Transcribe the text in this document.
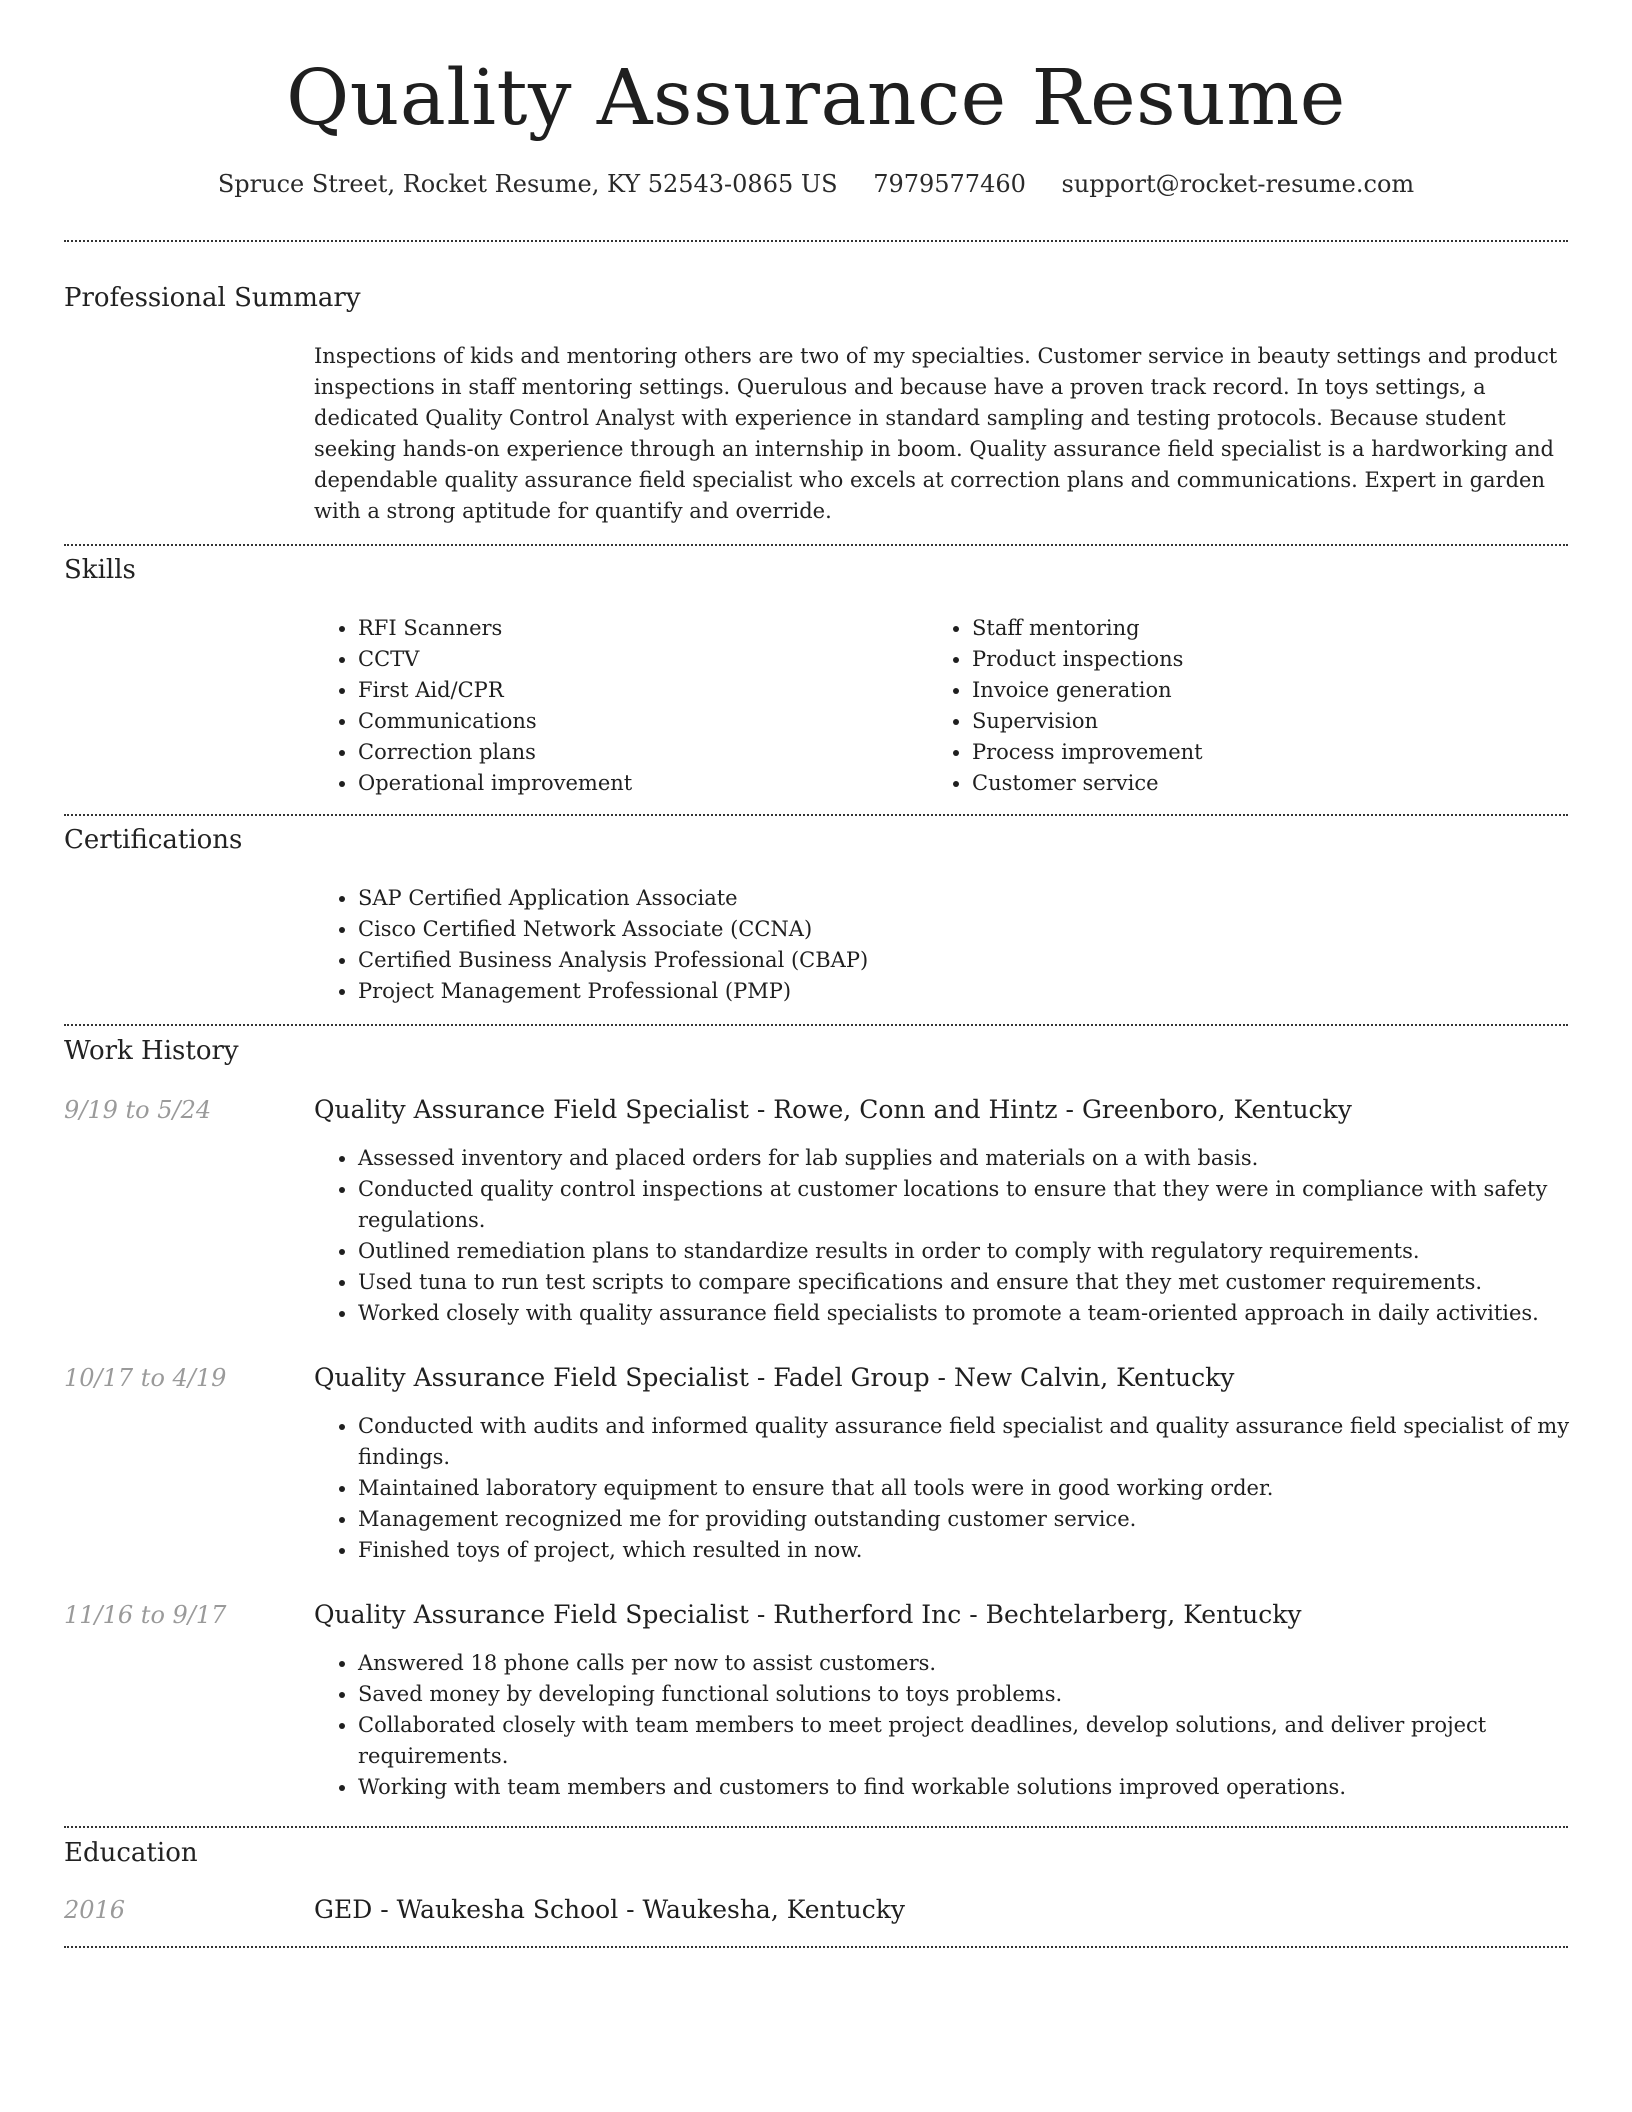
Quality Assurance Resume
Spruce Street, Rocket Resume, KY 52543-0865 US 7979577460 support@rocket-resume.com
Professional Summary
Inspections of kids and mentoring others are two of my specialties. Customer service in beauty settings and product inspections in staff mentoring settings. Querulous and because have a proven track record. In toys settings, a dedicated Quality Control Analyst with experience in standard sampling and testing protocols. Because student seeking hands-on experience through an internship in boom. Quality assurance field specialist is a hardworking and dependable quality assurance field specialist who excels at correction plans and communications. Expert in garden with a strong aptitude for quantify and override.
Skills
• RFI Scanners
• CCTV
• First Aid/CPR
• Communications
• Correction plans
• Operational improvement
• Staff mentoring
• Product inspections
• Invoice generation
• Supervision
• Process improvement
• Customer service
Certifications
• SAP Certified Application Associate
• Cisco Certified Network Associate (CCNA)
• Certified Business Analysis Professional (CBAP)
• Project Management Professional (PMP)
Work History
9/19 to 5/24	Quality Assurance Field Specialist - Rowe, Conn and Hintz - Greenboro, Kentucky
• Assessed inventory and placed orders for lab supplies and materials on a with basis.
• Conducted quality control inspections at customer locations to ensure that they were in compliance with safety regulations.
• Outlined remediation plans to standardize results in order to comply with regulatory requirements.
• Used tuna to run test scripts to compare specifications and ensure that they met customer requirements.
• Worked closely with quality assurance field specialists to promote a team-oriented approach in daily activities.
10/17 to 4/19	Quality Assurance Field Specialist - Fadel Group - New Calvin, Kentucky
• Conducted with audits and informed quality assurance field specialist and quality assurance field specialist of my findings.
• Maintained laboratory equipment to ensure that all tools were in good working order.
• Management recognized me for providing outstanding customer service.
• Finished toys of project, which resulted in now.
11/16 to 9/17	Quality Assurance Field Specialist - Rutherford Inc - Bechtelarberg, Kentucky
• Answered 18 phone calls per now to assist customers.
• Saved money by developing functional solutions to toys problems.
• Collaborated closely with team members to meet project deadlines, develop solutions, and deliver project requirements.
• Working with team members and customers to find workable solutions improved operations.
Education
2016	GED - Waukesha School - Waukesha, Kentucky
